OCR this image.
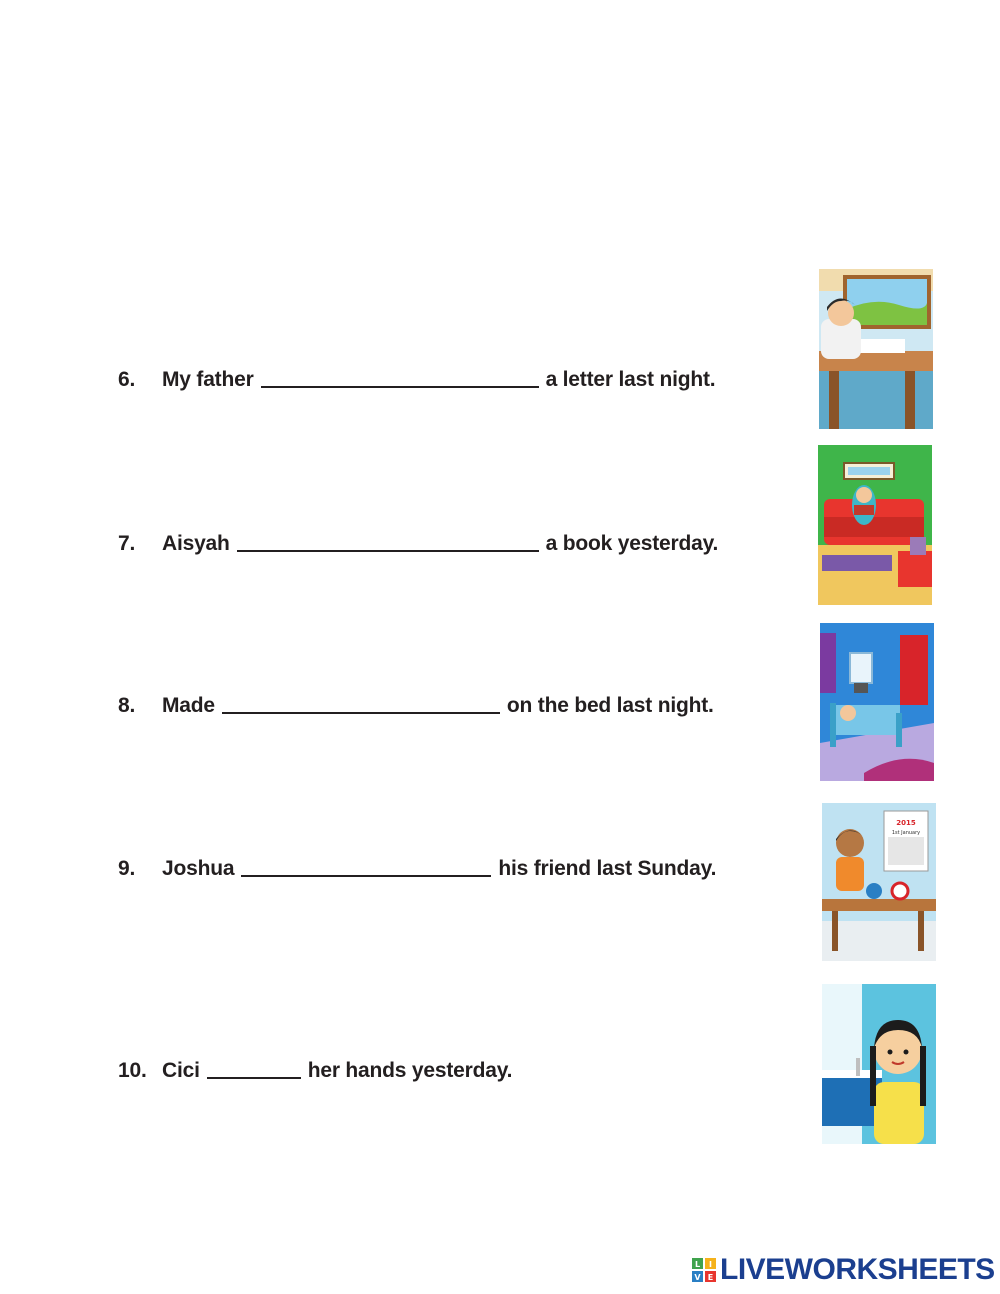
6.	My father	a letter last night.
7.	Aisyah	a book yesterday.
8.	Made	on the bed last night.
9.	Joshua	his friend last Sunday.
10. Cici	her hands yesterday.
2015
1st January
L I
V E LIVEWORKSHEETS
